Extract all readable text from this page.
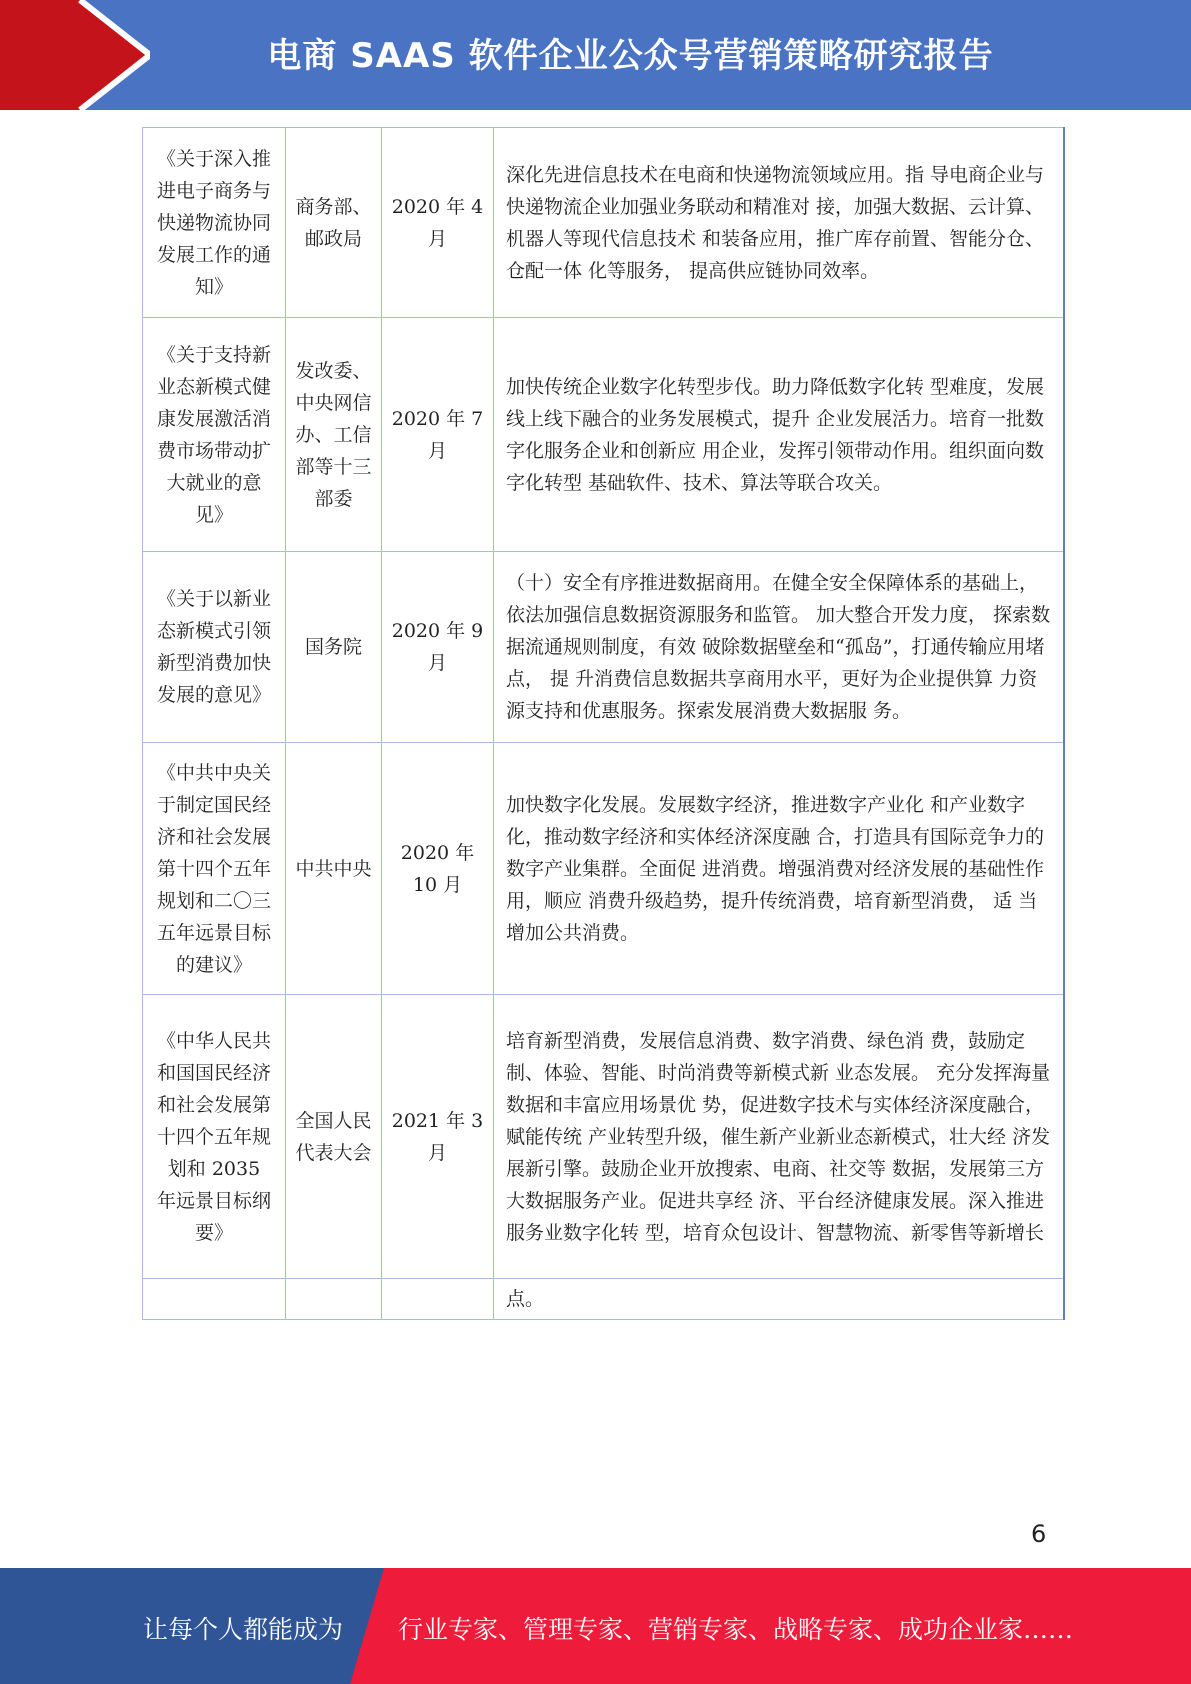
电商 SAAS 软件企业公众号营销策略研究报告
《关于深入推进电子商务与快递物流协同发展工作的通知》	商务部、邮政局	2020 年 4 月	深化先进信息技术在电商和快递物流领域应用。指 导电商企业与快递物流企业加强业务联动和精准对 接，加强大数据、云计算、机器人等现代信息技术 和装备应用，推广库存前置、智能分仓、仓配一体 化等服务， 提高供应链协同效率。
《关于支持新业态新模式健康发展激活消费市场带动扩大就业的意见》	发改委、中央网信办、工信部等十三部委	2020 年 7 月	加快传统企业数字化转型步伐。助力降低数字化转 型难度，发展线上线下融合的业务发展模式，提升 企业发展活力。培育一批数字化服务企业和创新应 用企业，发挥引领带动作用。组织面向数字化转型 基础软件、技术、算法等联合攻关。
《关于以新业态新模式引领新型消费加快发展的意见》	国务院	2020 年 9 月	（十）安全有序推进数据商用。在健全安全保障体系的基础上，依法加强信息数据资源服务和监管。 加大整合开发力度， 探索数据流通规则制度，有效 破除数据壁垒和“孤岛”，打通传输应用堵点， 提 升消费信息数据共享商用水平，更好为企业提供算 力资源支持和优惠服务。探索发展消费大数据服 务。
《中共中央关于制定国民经济和社会发展第十四个五年规划和二〇三五年远景目标的建议》	中共中央	2020 年 10 月	加快数字化发展。发展数字经济，推进数字产业化 和产业数字化，推动数字经济和实体经济深度融 合，打造具有国际竞争力的数字产业集群。全面促 进消费。增强消费对经济发展的基础性作用，顺应 消费升级趋势，提升传统消费，培育新型消费， 适 当增加公共消费。
《中华人民共和国国民经济和社会发展第十四个五年规划和 2035 年远景目标纲要》	全国人民代表大会	2021 年 3 月	培育新型消费，发展信息消费、数字消费、绿色消 费，鼓励定制、体验、智能、时尚消费等新模式新 业态发展。 充分发挥海量数据和丰富应用场景优 势，促进数字技术与实体经济深度融合，赋能传统 产业转型升级，催生新产业新业态新模式，壮大经 济发展新引擎。鼓励企业开放搜索、电商、社交等 数据，发展第三方大数据服务产业。促进共享经 济、平台经济健康发展。深入推进服务业数字化转 型，培育众包设计、智慧物流、新零售等新增长
			点。
6
让每个人都能成为 行业专家、管理专家、营销专家、战略专家、成功企业家……
